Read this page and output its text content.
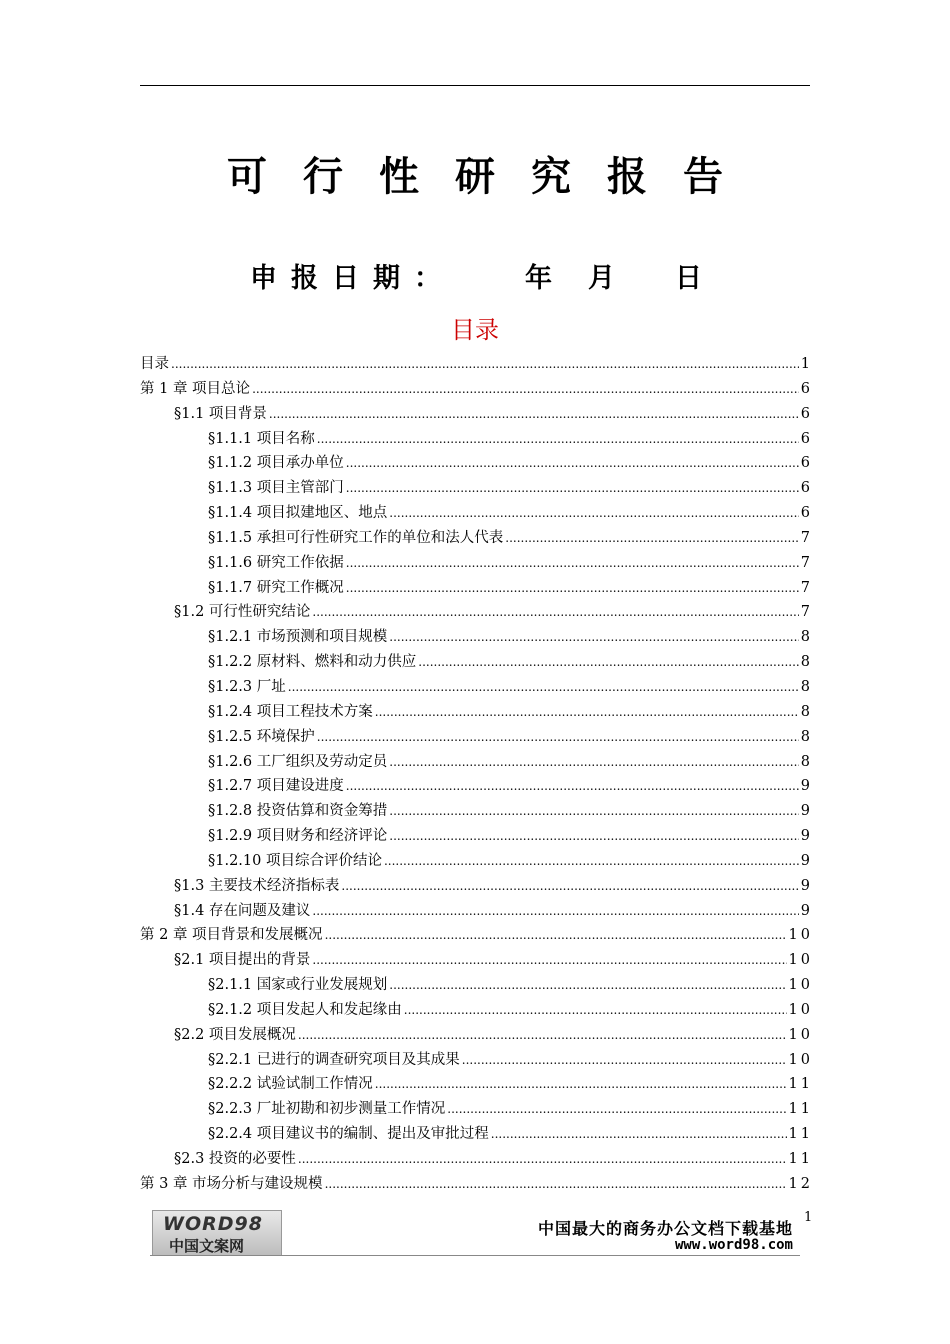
可行性研究报告
申报日期：	年 月 日
目录
目录 .....	1
第 1 章 项目总论 .....	6
§1.1 项目背景 .....	6
§1.1.1 项目名称 .....	6
§1.1.2 项目承办单位 .....	6
§1.1.3 项目主管部门 .....	6
§1.1.4 项目拟建地区、地点 .....	6
§1.1.5 承担可行性研究工作的单位和法人代表 .....	7
§1.1.6 研究工作依据 .....	7
§1.1.7 研究工作概况 .....	7
§1.2 可行性研究结论 .....	7
§1.2.1 市场预测和项目规模 .....	8
§1.2.2 原材料、燃料和动力供应 .....	8
§1.2.3 厂址 .....	8
§1.2.4 项目工程技术方案 .....	8
§1.2.5 环境保护 .....	8
§1.2.6 工厂组织及劳动定员 .....	8
§1.2.7 项目建设进度 .....	9
§1.2.8 投资估算和资金筹措 .....	9
§1.2.9 项目财务和经济评论 .....	9
§1.2.10 项目综合评价结论 .....	9
§1.3 主要技术经济指标表 .....	9
§1.4 存在问题及建议 .....	9
第 2 章 项目背景和发展概况 .....	10
§2.1 项目提出的背景 .....	10
§2.1.1 国家或行业发展规划 .....	10
§2.1.2 项目发起人和发起缘由 .....	10
§2.2 项目发展概况 .....	10
§2.2.1 已进行的调查研究项目及其成果 .....	10
§2.2.2 试验试制工作情况 .....	11
§2.2.3 厂址初勘和初步测量工作情况 .....	11
§2.2.4 项目建议书的编制、提出及审批过程 .....	11
§2.3 投资的必要性 .....	11
第 3 章 市场分析与建设规模 .....	12
WORD98
中国文案网
中国最大的商务办公文档下载基地
www.word98.com
1
